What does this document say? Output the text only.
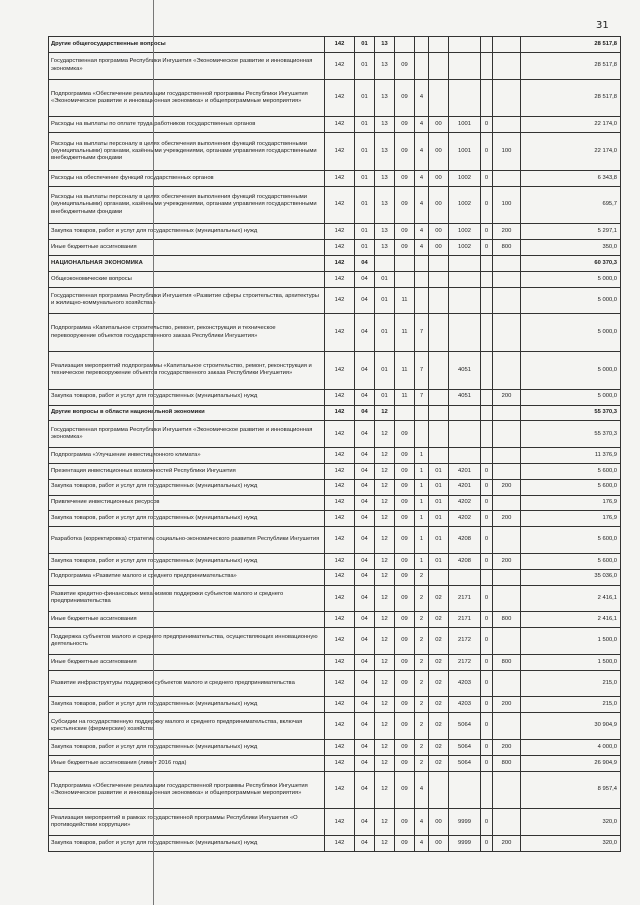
31
Другие общегосударственные вопросы	142	01	13							28 517,8
Государственная программа Республики Ингушетия «Экономическое развитие и инновационная экономика»	142	01	13	09						28 517,8
Подпрограмма «Обеспечение реализации государственной программы Республики Ингушетия «Экономическое развитие и инновационная экономика» и общепрограммные мероприятия»	142	01	13	09	4					28 517,8
Расходы на выплаты по оплате труда работников государственных органов	142	01	13	09	4	00	1001	0		22 174,0
Расходы на выплаты персоналу в целях обеспечения выполнения функций государственными (муниципальными) органами, казёнными учреждениями, органами управления государственными внебюджетными фондами	142	01	13	09	4	00	1001	0	100	22 174,0
Расходы на обеспечение функций государственных органов	142	01	13	09	4	00	1002	0		6 343,8
Расходы на выплаты персоналу в целях обеспечения выполнения функций государственными (муниципальными) органами, казёнными учреждениями, органами управления государственными внебюджетными фондами	142	01	13	09	4	00	1002	0	100	695,7
Закупка товаров, работ и услуг для государственных (муниципальных) нужд	142	01	13	09	4	00	1002	0	200	5 297,1
Иные бюджетные ассигнования	142	01	13	09	4	00	1002	0	800	350,0
НАЦИОНАЛЬНАЯ ЭКОНОМИКА	142	04								60 370,3
Общеэкономические вопросы	142	04	01							5 000,0
Государственная программа Республики Ингушетия «Развитие сферы строительства, архитектуры и жилищно-коммунального хозяйства»	142	04	01	11						5 000,0
Подпрограмма «Капитальное строительство, ремонт, реконструкция и техническое перевооружение объектов государственного заказа Республики Ингушетия»	142	04	01	11	7					5 000,0
Реализация мероприятий подпрограммы «Капитальное строительство, ремонт, реконструкция и техническое перевооружение объектов государственного заказа Республики Ингушетия»	142	04	01	11	7		4051			5 000,0
Закупка товаров, работ и услуг для государственных (муниципальных) нужд	142	04	01	11	7		4051		200	5 000,0
Другие вопросы в области национальной экономики	142	04	12							55 370,3
Государственная программа Республики Ингушетия «Экономическое развитие и инновационная экономика»	142	04	12	09						55 370,3
Подпрограмма «Улучшение инвестиционного климата»	142	04	12	09	1					11 376,9
Презентация инвестиционных возможностей Республики Ингушетия	142	04	12	09	1	01	4201	0		5 600,0
Закупка товаров, работ и услуг для государственных (муниципальных) нужд	142	04	12	09	1	01	4201	0	200	5 600,0
Привлечение инвестиционных ресурсов	142	04	12	09	1	01	4202	0		176,9
Закупка товаров, работ и услуг для государственных (муниципальных) нужд	142	04	12	09	1	01	4202	0	200	176,9
Разработка (корректировка) стратегии социально-экономического развития Республики Ингушетия	142	04	12	09	1	01	4208	0		5 600,0
Закупка товаров, работ и услуг для государственных (муниципальных) нужд	142	04	12	09	1	01	4208	0	200	5 600,0
Подпрограмма «Развитие малого и среднего предпринимательства»	142	04	12	09	2					35 036,0
Развитие кредитно-финансовых механизмов поддержки субъектов малого и среднего предпринимательства	142	04	12	09	2	02	2171	0		2 416,1
Иные бюджетные ассигнования	142	04	12	09	2	02	2171	0	800	2 416,1
Поддержка субъектов малого и среднего предпринимательства, осуществляющих инновационную деятельность	142	04	12	09	2	02	2172	0		1 500,0
Иные бюджетные ассигнования	142	04	12	09	2	02	2172	0	800	1 500,0
Развитие инфраструктуры поддержки субъектов малого и среднего предпринимательства	142	04	12	09	2	02	4203	0		215,0
Закупка товаров, работ и услуг для государственных (муниципальных) нужд	142	04	12	09	2	02	4203	0	200	215,0
Субсидии на государственную поддержку малого и среднего предпринимательства, включая крестьянские (фермерские) хозяйства	142	04	12	09	2	02	5064	0		30 904,9
Закупка товаров, работ и услуг для государственных (муниципальных) нужд	142	04	12	09	2	02	5064	0	200	4 000,0
Иные бюджетные ассигнования (лимит 2016 года)	142	04	12	09	2	02	5064	0	800	26 904,9
Подпрограмма «Обеспечение реализации государственной программы Республики Ингушетия «Экономическое развитие и инновационная экономика» и общепрограммные мероприятия»	142	04	12	09	4					8 957,4
Реализация мероприятий в рамках государственной программы Республики Ингушетия «О противодействии коррупции»	142	04	12	09	4	00	9999	0		320,0
Закупка товаров, работ и услуг для государственных (муниципальных) нужд	142	04	12	09	4	00	9999	0	200	320,0
